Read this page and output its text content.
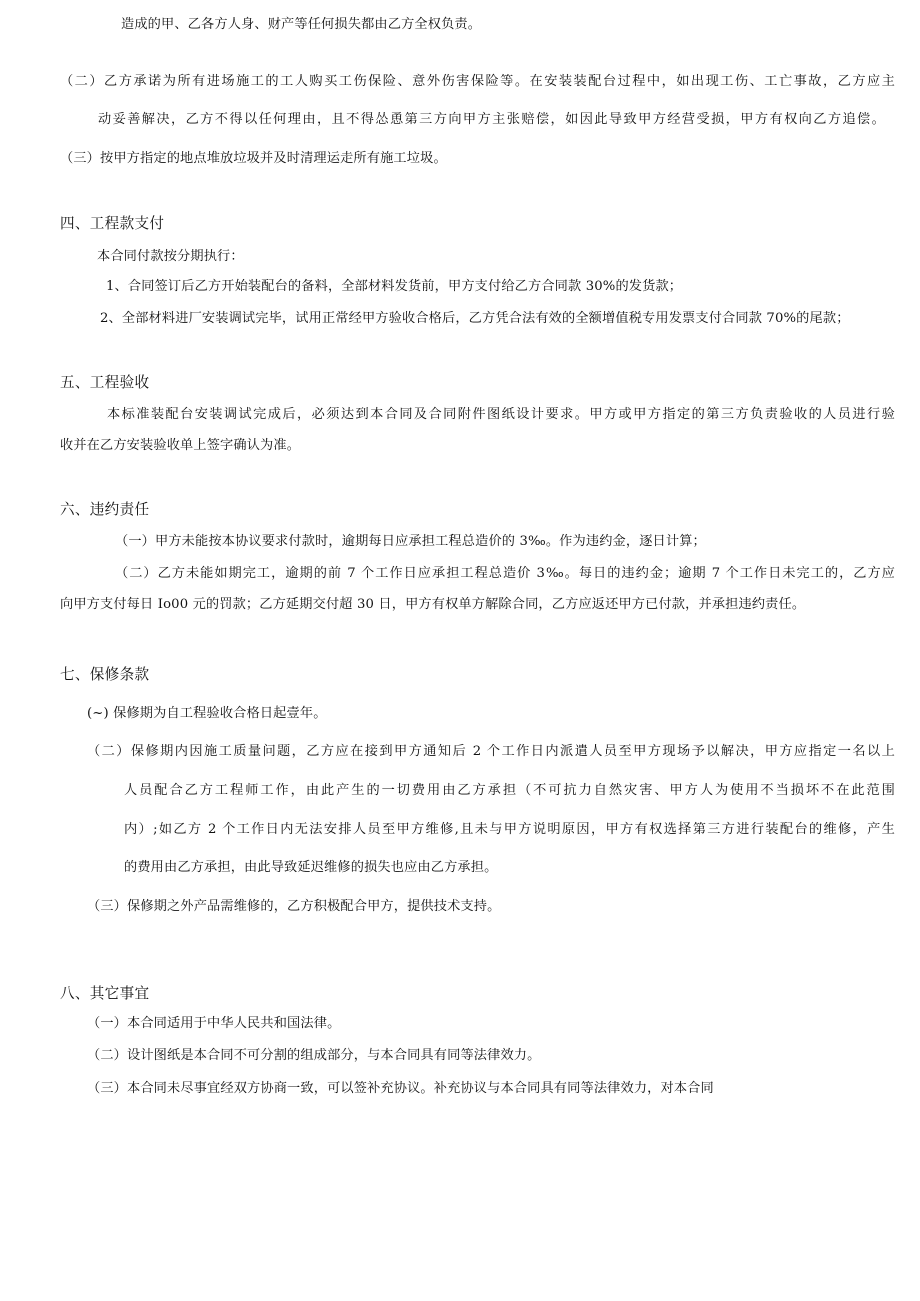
造成的甲、乙各方人身、财产等任何损失都由乙方全权负责。
（二）乙方承诺为所有进场施工的工人购买工伤保险、意外伤害保险等。在安装装配台过程中，如出现工伤、工亡事故，乙方应主
动妥善解决，乙方不得以任何理由，且不得怂恿第三方向甲方主张赔偿，如因此导致甲方经营受损，甲方有权向乙方追偿。
（三）按甲方指定的地点堆放垃圾并及时清理运走所有施工垃圾。
四、工程款支付
本合同付款按分期执行：
1、合同签订后乙方开始装配台的备料，全部材料发货前，甲方支付给乙方合同款 30%的发货款；
2、全部材料进厂安装调试完毕，试用正常经甲方验收合格后，乙方凭合法有效的全额增值税专用发票支付合同款 70%的尾款；
五、工程验收
本标准装配台安装调试完成后，必须达到本合同及合同附件图纸设计要求。甲方或甲方指定的第三方负责验收的人员进行验
收并在乙方安装验收单上签字确认为准。
六、违约责任
（一）甲方未能按本协议要求付款时，逾期每日应承担工程总造价的 3‰。作为违约金，逐日计算；
（二）乙方未能如期完工，逾期的前 7 个工作日应承担工程总造价 3‰。每日的违约金；逾期 7 个工作日未完工的，乙方应
向甲方支付每日 Io00 元的罚款；乙方延期交付超 30 日，甲方有权单方解除合同，乙方应返还甲方已付款，并承担违约责任。
七、保修条款
(~) 保修期为自工程验收合格日起壹年。
（二）保修期内因施工质量问题，乙方应在接到甲方通知后 2 个工作日内派遣人员至甲方现场予以解决，甲方应指定一名以上
人员配合乙方工程师工作，由此产生的一切费用由乙方承担（不可抗力自然灾害、甲方人为使用不当损坏不在此范围
内）;如乙方 2 个工作日内无法安排人员至甲方维修,且未与甲方说明原因，甲方有权选择第三方进行装配台的维修，产生
的费用由乙方承担，由此导致延迟维修的损失也应由乙方承担。
（三）保修期之外产品需维修的，乙方积极配合甲方，提供技术支持。
八、其它事宜
（一）本合同适用于中华人民共和国法律。
（二）设计图纸是本合同不可分割的组成部分，与本合同具有同等法律效力。
（三）本合同未尽事宜经双方协商一致，可以签补充协议。补充协议与本合同具有同等法律效力，对本合同
